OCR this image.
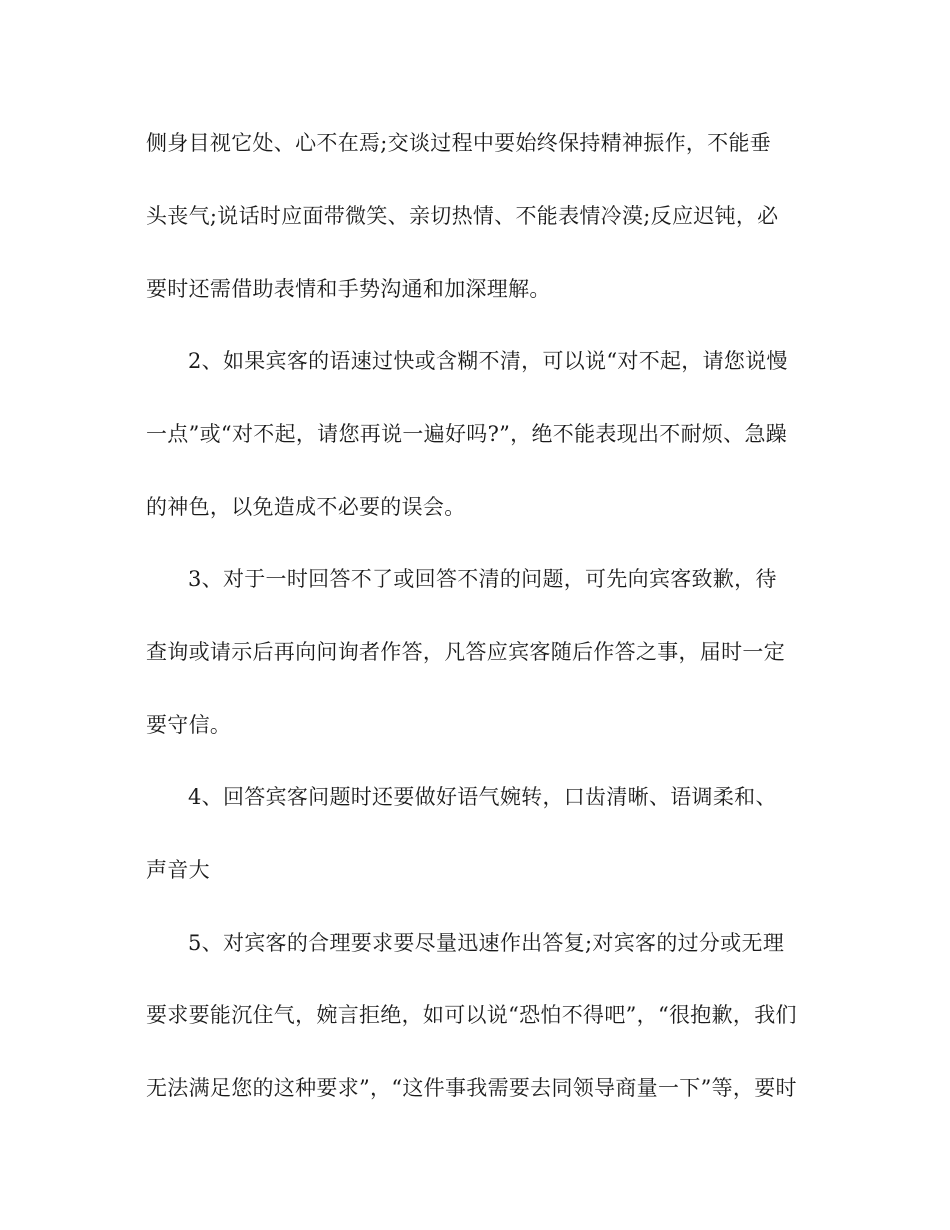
侧身目视它处、心不在焉;交谈过程中要始终保持精神振作，不能垂
头丧气;说话时应面带微笑、亲切热情、不能表情冷漠;反应迟钝，必
要时还需借助表情和手势沟通和加深理解。
2、如果宾客的语速过快或含糊不清，可以说“对不起，请您说慢
一点”或“对不起，请您再说一遍好吗?”，绝不能表现出不耐烦、急躁
的神色，以免造成不必要的误会。
3、对于一时回答不了或回答不清的问题，可先向宾客致歉，待
查询或请示后再向问询者作答，凡答应宾客随后作答之事，届时一定
要守信。
4、回答宾客问题时还要做好语气婉转，口齿清晰、语调柔和、
声音大
5、对宾客的合理要求要尽量迅速作出答复;对宾客的过分或无理
要求要能沉住气，婉言拒绝，如可以说“恐怕不得吧”，“很抱歉，我们
无法满足您的这种要求”，“这件事我需要去同领导商量一下”等，要时
